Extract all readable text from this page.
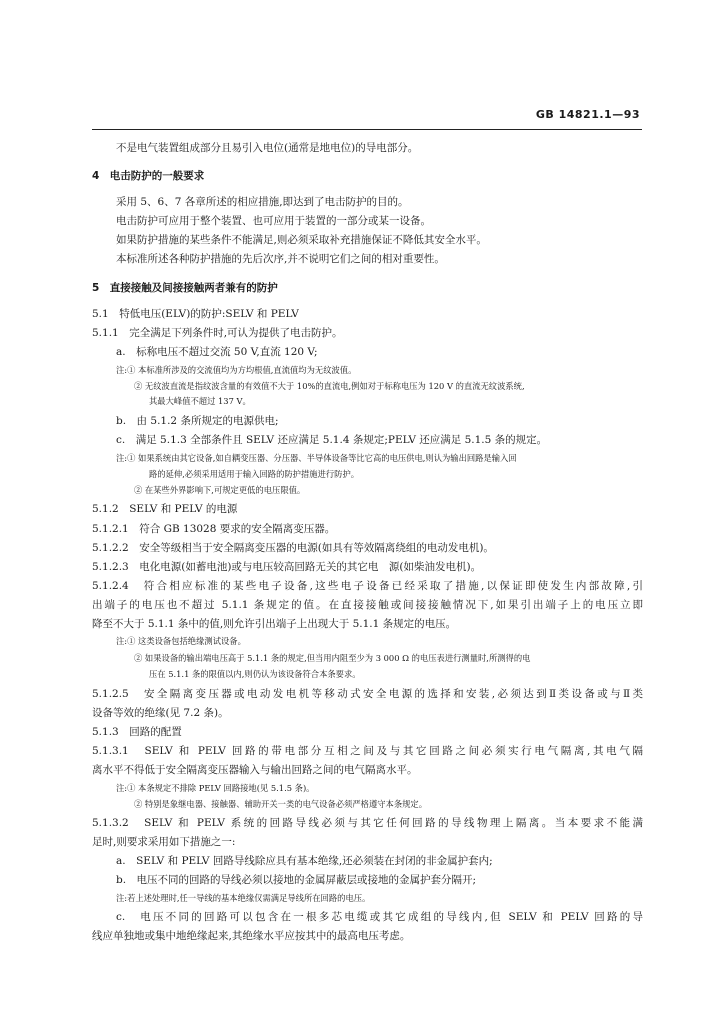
GB 14821.1—93
不是电气装置组成部分且易引入电位(通常是地电位)的导电部分。
4　电击防护的一般要求
采用 5、6、7 各章所述的相应措施,即达到了电击防护的目的。
电击防护可应用于整个装置、也可应用于装置的一部分或某一设备。
如果防护措施的某些条件不能满足,则必须采取补充措施保证不降低其安全水平。
本标准所述各种防护措施的先后次序,并不说明它们之间的相对重要性。
5　直接接触及间接接触两者兼有的防护
5.1　特低电压(ELV)的防护:SELV 和 PELV
5.1.1　完全满足下列条件时,可认为提供了电击防护。
a.　标称电压不超过交流 50 V,直流 120 V;
注:① 本标准所涉及的交流值均为方均根值,直流值均为无纹波值。
② 无纹波直流是指纹波含量的有效值不大于 10%的直流电,例如对于标称电压为 120 V 的直流无纹波系统,
其最大峰值不超过 137 V。
b.　由 5.1.2 条所规定的电源供电;
c.　满足 5.1.3 全部条件且 SELV 还应满足 5.1.4 条规定;PELV 还应满足 5.1.5 条的规定。
注:① 如果系统由其它设备,如自耦变压器、分压器、半导体设备等比它高的电压供电,则认为输出回路是输入回
路的延伸,必须采用适用于输入回路的防护措施进行防护。
② 在某些外界影响下,可规定更低的电压限值。
5.1.2　SELV 和 PELV 的电源
5.1.2.1　符合 GB 13028 要求的安全隔离变压器。
5.1.2.2　安全等级相当于安全隔离变压器的电源(如具有等效隔离绕组的电动发电机)。
5.1.2.3　电化电源(如蓄电池)或与电压较高回路无关的其它电　源(如柴油发电机)。
5.1.2.4　符合相应标准的某些电子设备,这些电子设备已经采取了措施,以保证即使发生内部故障,引
出端子的电压也不超过 5.1.1 条规定的值。在直接接触或间接接触情况下,如果引出端子上的电压立即
降至不大于 5.1.1 条中的值,则允许引出端子上出现大于 5.1.1 条规定的电压。
注:① 这类设备包括绝缘测试设备。
② 如果设备的输出端电压高于 5.1.1 条的规定,但当用内阻至少为 3 000 Ω 的电压表进行测量时,所测得的电
压在 5.1.1 条的限值以内,则仍认为该设备符合本条要求。
5.1.2.5　安全隔离变压器或电动发电机等移动式安全电源的选择和安装,必须达到Ⅱ类设备或与Ⅱ类
设备等效的绝缘(见 7.2 条)。
5.1.3　回路的配置
5.1.3.1　SELV 和 PELV 回路的带电部分互相之间及与其它回路之间必须实行电气隔离,其电气隔
离水平不得低于安全隔离变压器输入与输出回路之间的电气隔离水平。
注:① 本条规定不排除 PELV 回路接地(见 5.1.5 条)。
② 特别是象继电器、接触器、辅助开关一类的电气设备必须严格遵守本条规定。
5.1.3.2　SELV 和 PELV 系统的回路导线必须与其它任何回路的导线物理上隔离。当本要求不能满
足时,则要求采用如下措施之一:
a.　SELV 和 PELV 回路导线除应具有基本绝缘,还必须装在封闭的非金属护套内;
b.　电压不同的回路的导线必须以接地的金属屏蔽层或接地的金属护套分隔开;
注:若上述处理时,任一导线的基本绝缘仅需满足导线所在回路的电压。
c.　电压不同的回路可以包含在一根多芯电缆或其它成组的导线内,但 SELV 和 PELV 回路的导
线应单独地或集中地绝缘起来,其绝缘水平应按其中的最高电压考虑。
